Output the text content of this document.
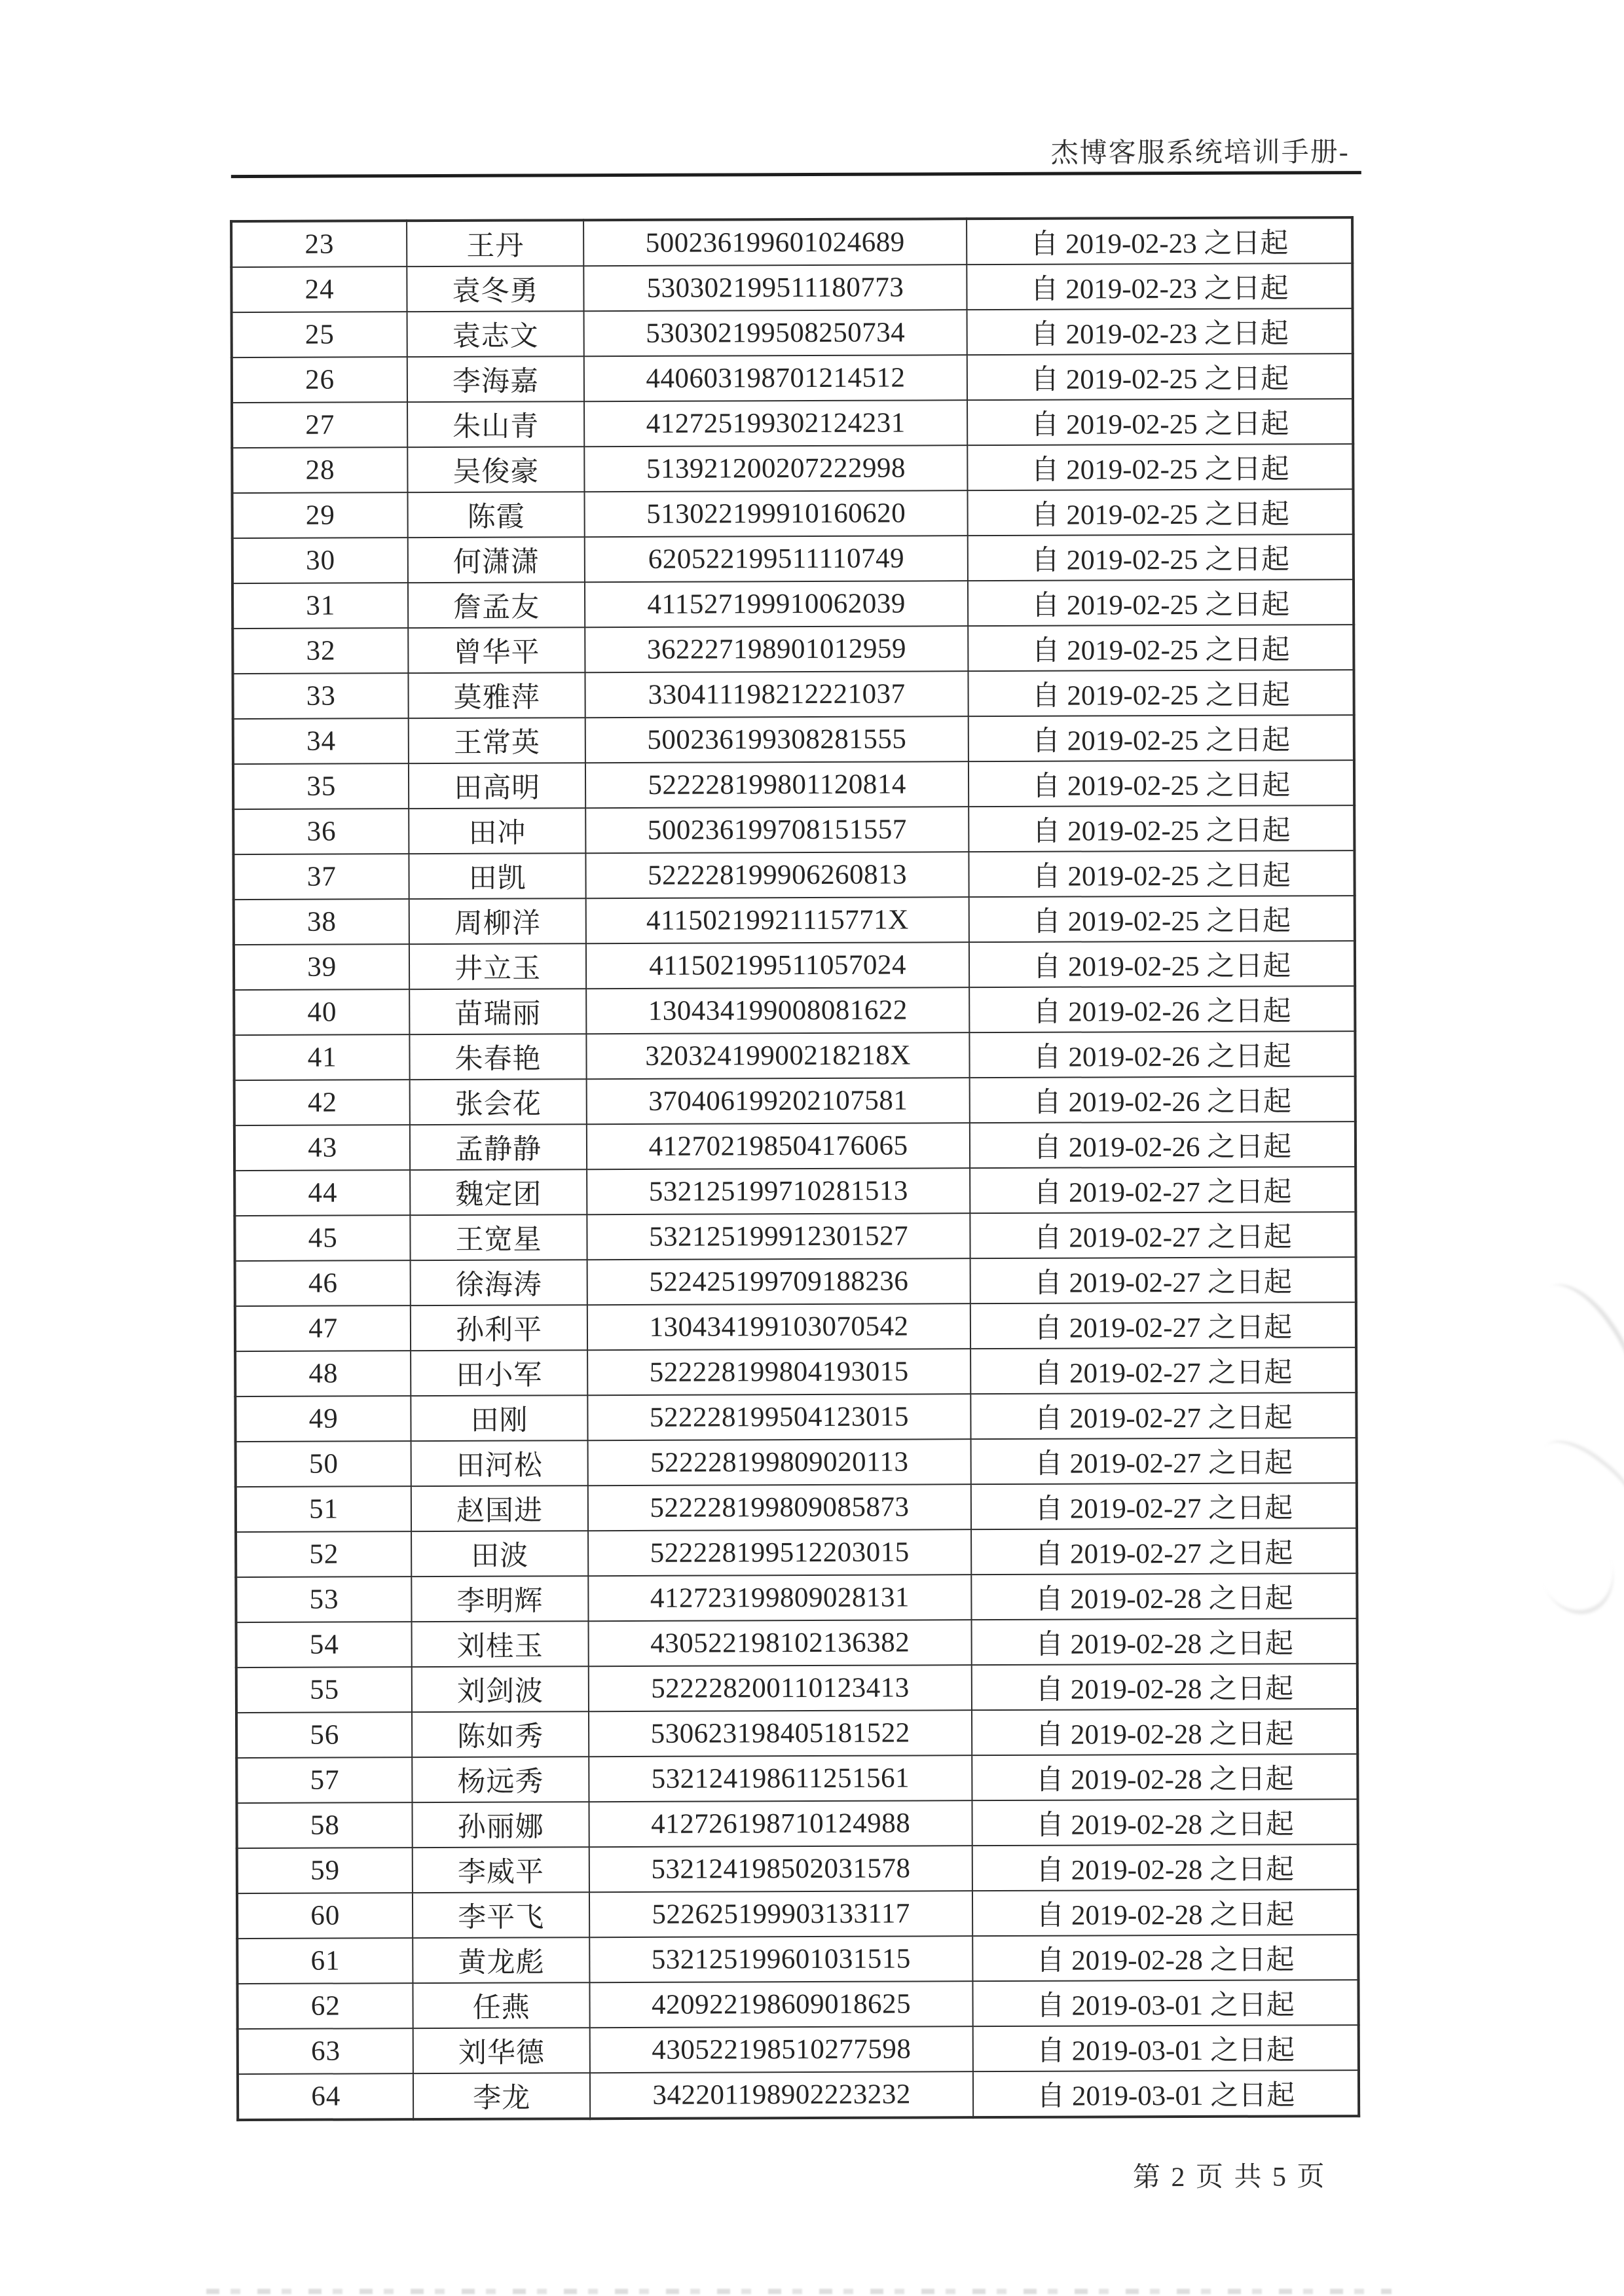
杰博客服系统培训手册-
23	王丹	500236199601024689	自 2019-02-23 之日起
24	袁冬勇	530302199511180773	自 2019-02-23 之日起
25	袁志文	530302199508250734	自 2019-02-23 之日起
26	李海嘉	440603198701214512	自 2019-02-25 之日起
27	朱山青	412725199302124231	自 2019-02-25 之日起
28	吴俊豪	513921200207222998	自 2019-02-25 之日起
29	陈霞	513022199910160620	自 2019-02-25 之日起
30	何潇潇	620522199511110749	自 2019-02-25 之日起
31	詹孟友	411527199910062039	自 2019-02-25 之日起
32	曾华平	362227198901012959	自 2019-02-25 之日起
33	莫雅萍	330411198212221037	自 2019-02-25 之日起
34	王常英	500236199308281555	自 2019-02-25 之日起
35	田高明	522228199801120814	自 2019-02-25 之日起
36	田冲	500236199708151557	自 2019-02-25 之日起
37	田凯	522228199906260813	自 2019-02-25 之日起
38	周柳洋	41150219921115771X	自 2019-02-25 之日起
39	井立玉	411502199511057024	自 2019-02-25 之日起
40	苗瑞丽	130434199008081622	自 2019-02-26 之日起
41	朱春艳	32032419900218218X	自 2019-02-26 之日起
42	张会花	370406199202107581	自 2019-02-26 之日起
43	孟静静	412702198504176065	自 2019-02-26 之日起
44	魏定团	532125199710281513	自 2019-02-27 之日起
45	王宽星	532125199912301527	自 2019-02-27 之日起
46	徐海涛	522425199709188236	自 2019-02-27 之日起
47	孙利平	130434199103070542	自 2019-02-27 之日起
48	田小军	522228199804193015	自 2019-02-27 之日起
49	田刚	522228199504123015	自 2019-02-27 之日起
50	田河松	522228199809020113	自 2019-02-27 之日起
51	赵国进	522228199809085873	自 2019-02-27 之日起
52	田波	522228199512203015	自 2019-02-27 之日起
53	李明辉	412723199809028131	自 2019-02-28 之日起
54	刘桂玉	430522198102136382	自 2019-02-28 之日起
55	刘剑波	522228200110123413	自 2019-02-28 之日起
56	陈如秀	530623198405181522	自 2019-02-28 之日起
57	杨远秀	532124198611251561	自 2019-02-28 之日起
58	孙丽娜	412726198710124988	自 2019-02-28 之日起
59	李威平	532124198502031578	自 2019-02-28 之日起
60	李平飞	522625199903133117	自 2019-02-28 之日起
61	黄龙彪	532125199601031515	自 2019-02-28 之日起
62	任燕	420922198609018625	自 2019-03-01 之日起
63	刘华德	430522198510277598	自 2019-03-01 之日起
64	李龙	342201198902223232	自 2019-03-01 之日起
第 2 页 共 5 页
